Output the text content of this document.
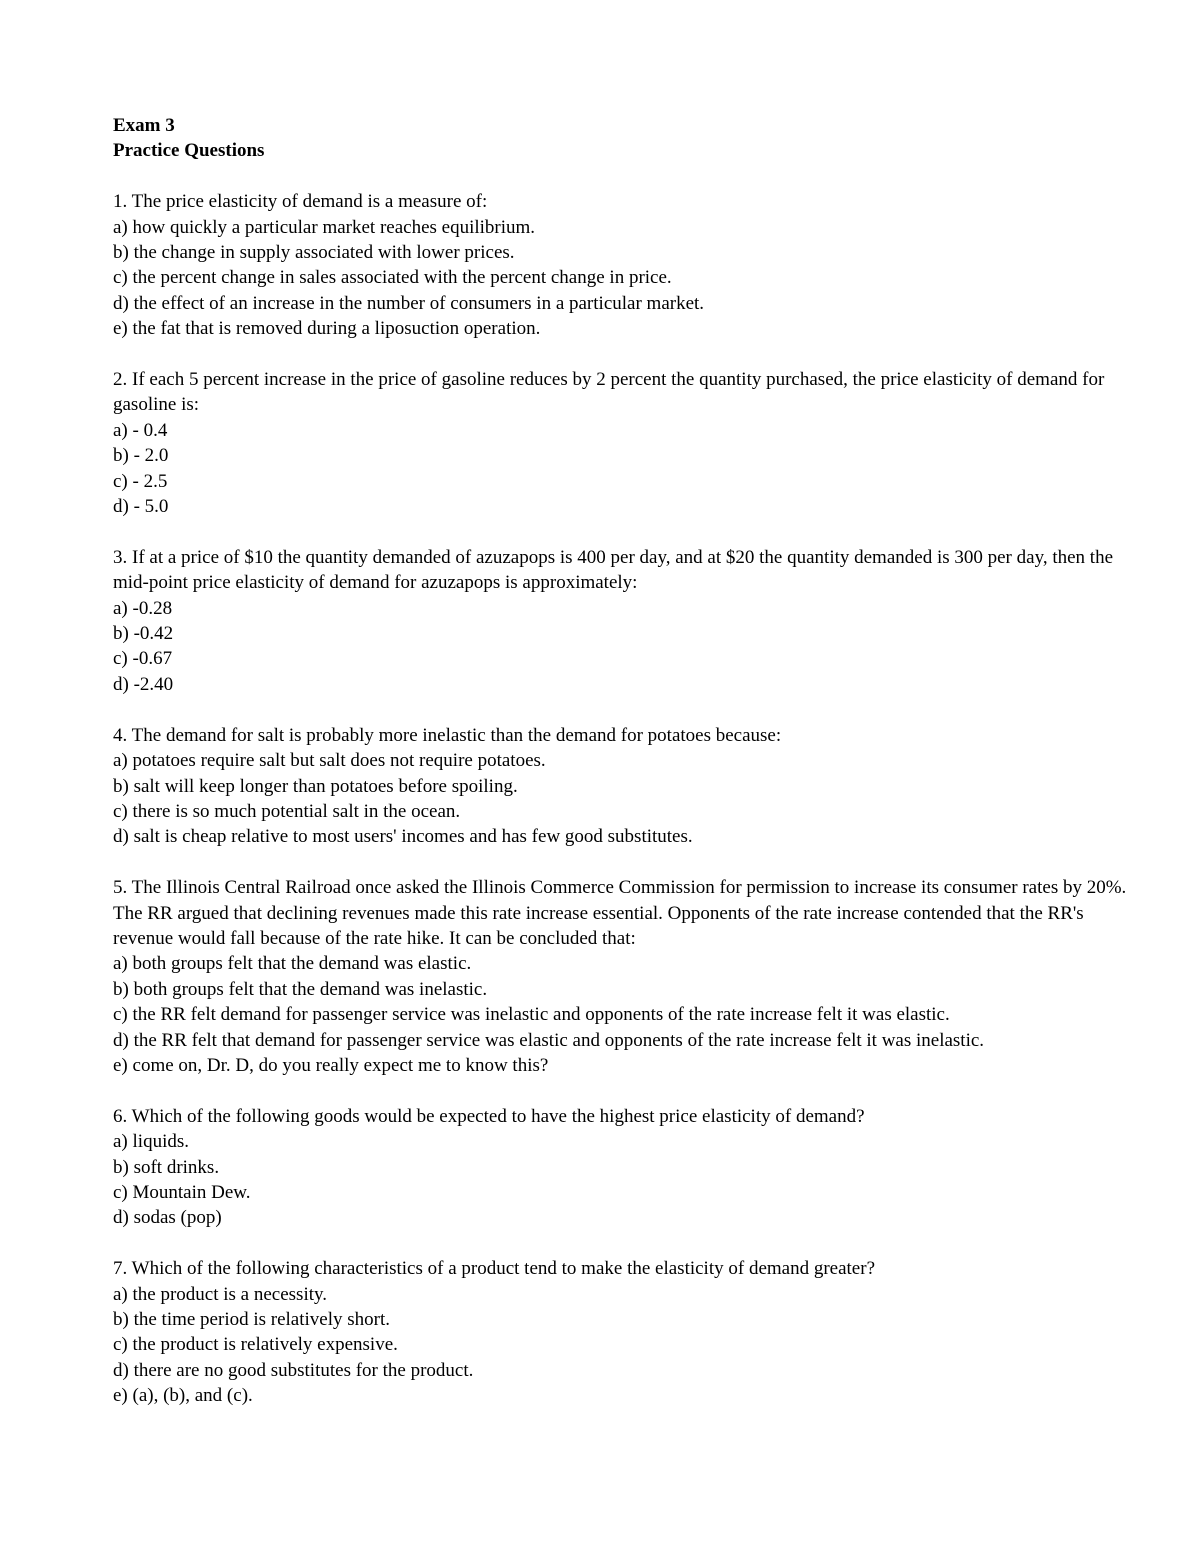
Exam 3
Practice Questions
1. The price elasticity of demand is a measure of:
a) how quickly a particular market reaches equilibrium.
b) the change in supply associated with lower prices.
c) the percent change in sales associated with the percent change in price.
d) the effect of an increase in the number of consumers in a particular market.
e) the fat that is removed during a liposuction operation.
2. If each 5 percent increase in the price of gasoline reduces by 2 percent the quantity purchased, the price elasticity of demand for gasoline is:
a) - 0.4
b) - 2.0
c) - 2.5
d) - 5.0
3. If at a price of $10 the quantity demanded of azuzapops is 400 per day, and at $20 the quantity demanded is 300 per day, then the mid-point price elasticity of demand for azuzapops is approximately:
a) -0.28
b) -0.42
c) -0.67
d) -2.40
4. The demand for salt is probably more inelastic than the demand for potatoes because:
a) potatoes require salt but salt does not require potatoes.
b) salt will keep longer than potatoes before spoiling.
c) there is so much potential salt in the ocean.
d) salt is cheap relative to most users' incomes and has few good substitutes.
5. The Illinois Central Railroad once asked the Illinois Commerce Commission for permission to increase its consumer rates by 20%. The RR argued that declining revenues made this rate increase essential. Opponents of the rate increase contended that the RR's revenue would fall because of the rate hike. It can be concluded that:
a) both groups felt that the demand was elastic.
b) both groups felt that the demand was inelastic.
c) the RR felt demand for passenger service was inelastic and opponents of the rate increase felt it was elastic.
d) the RR felt that demand for passenger service was elastic and opponents of the rate increase felt it was inelastic.
e) come on, Dr. D, do you really expect me to know this?
6. Which of the following goods would be expected to have the highest price elasticity of demand?
a) liquids.
b) soft drinks.
c) Mountain Dew.
d) sodas (pop)
7. Which of the following characteristics of a product tend to make the elasticity of demand greater?
a) the product is a necessity.
b) the time period is relatively short.
c) the product is relatively expensive.
d) there are no good substitutes for the product.
e) (a), (b), and (c).
